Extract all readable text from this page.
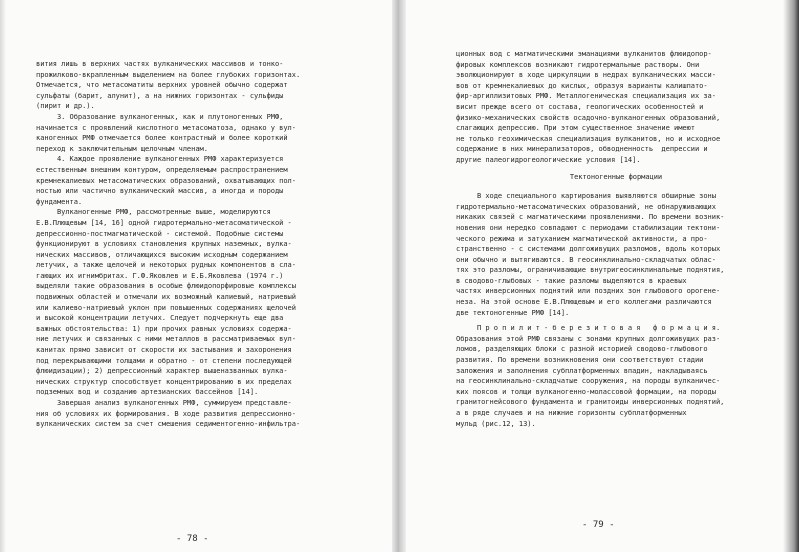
вития лишь в верхних частях вулканических массивов и тонко-
прожилково-вкрапленным выделением на более глубоких горизонтах.
Отмечается, что метасоматиты верхних уровней обычно содержат
сульфаты (барит, алунит), а на нижних горизонтах - сульфиды
(пирит и др.).
3. Образование вулканогенных, как и плутоногенных РМФ,
начинается с проявлений кислотного метасоматоза, однако у вул-
каногенных РМФ отмечается более контрастный и более короткий
переход к заключительным щелочным членам.
4. Каждое проявление вулканогенных РМФ характеризуется
естественным внешним контуром, определяемым распространением
кремнекалиевых метасоматических образований, охватывающих пол-
ностью или частично вулканический массив, а иногда и породы
фундамента.
Вулканогенные РМФ, рассмотренные выше, моделируются
Е.В.Плющевым [14, 16] одной гидротермально-метасоматической -
депрессионно-постмагматической - системой. Подобные системы
функционируют в условиях становления крупных наземных, вулка-
нических массивов, отличающихся высоким исходным содержанием
летучих, а также щелочей и некоторых рудных компонентов в сла-
гающих их игнимбритах. Г.Ф.Яковлев и Е.Б.Яковлева (1974 г.)
выделяли такие образования в особые флюидопорфировые комплексы
подвижных областей и отмечали их возможный калиевый, натриевый
или калиево-натриевый уклон при повышенных содержаниях щелочей
и высокой концентрации летучих. Следует подчеркнуть еще два
важных обстоятельства: 1) при прочих равных условиях содержа-
ние летучих и связанных с ними металлов в рассматриваемых вул-
канитах прямо зависит от скорости их застывания и захоронения
под перекрывающими толщами и обратно - от степени последующей
флюидизации); 2) депрессионный характер вышеназванных вулка-
нических структур способствует концентрированию в их пределах
подземных вод и созданию артезианских бассейнов [14].
Завершая анализ вулканогенных РМФ, суммируем представле-
ния об условиях их формирования. В ходе развития депрессионно-
вулканических систем за счет смешения седиментогенно-инфильтра-
- 78 -
ционных вод с магматическими эманациями вулканитов флюидопор-
фировых комплексов возникают гидротермальные растворы. Они
эволюционируют в ходе циркуляции в недрах вулканических масси-
вов от кремнекалиевых до кислых, образуя варианты калишпато-
фир-аргиллизитовых РМФ. Металлогеническая специализация их за-
висит прежде всего от состава, геологических особенностей и
физико-механических свойств осадочно-вулканогенных образований,
слагающих депрессию. При этом существенное значение имеют
не только геохимическая специализация вулканитов, но и исходное
содержание в них минерализаторов, обводненность  депрессии и
другие палеогидрогеологические условия [14].
Тектоногенные формации
В ходе специального картирования выявляются обширные зоны
гидротермально-метасоматических образований, не обнаруживающих
никаких связей с магматическими проявлениями. По времени возник-
новения они нередко совпадают с периодами стабилизации тектони-
ческого режима и затуханием магматической активности, а про-
странственно - с системами долгоживущих разломов, вдоль которых
они обычно и вытягиваются. В геосинклинально-складчатых облас-
тях это разломы, ограничивающие внутригеосинклинальные поднятия,
в сводово-глыбовых - такие разломы выделяются в краевых
частях инверсионных поднятий или поздних зон глыбового орогене-
неза. На этой основе Е.В.Плющевым и его коллегами различаются
две тектоногенные РМФ [14].
П р о п и л и т - б е р е з и т о в а я   ф о р м а ц и я.
Образования этой РМФ связаны с зонами крупных долгоживущих раз-
ломов, разделяющих блоки с разной историей сводово-глыбового
развития. По времени возникновения они соответствуют стадии
заложения и заполнения субплатформенных впадин, накладываясь
на геосинклинально-складчатые сооружения, на породы вулканичес-
ких поясов и толщи вулканогенно-молассовой формации, на породы
гранитогнейсового фундамента и гранитоиды инверсионных поднятий,
а в ряде случаев и на нижние горизонты субплатформенных
мульд (рис.12, 13).
- 79 -
